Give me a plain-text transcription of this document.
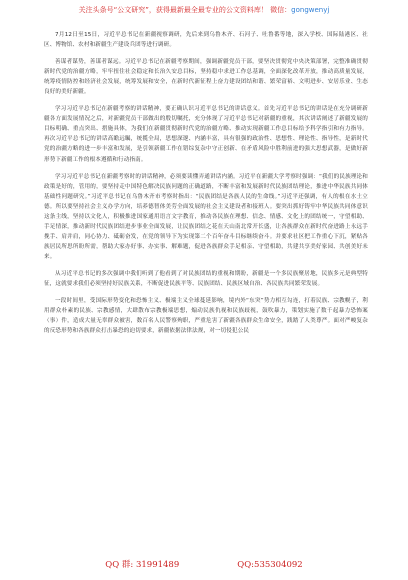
关注头条号“公文研究”，获得最新最全最专业的公文资料库！ 微信：gongwenyj

7月12日至15日，习近平总书记在新疆视察调研，先后来到乌鲁木齐、石河子、吐鲁番等地，深入学校、国际陆港区、社区、博物馆、农村和新疆生产建设兵团等进行调研。

善谋者谋势，善谋者谋远。习近平总书记在新疆考察期间，强调新疆党员干部，要坚决贯彻党中央决策部署，完整准确贯彻新时代党的治疆方略，牢牢扭住社会稳定和长治久安总目标，坚持稳中求进工作总基调，全面深化改革开放，推动高质量发展，统筹疫情防控和经济社会发展，统筹发展和安全，在新时代新征程上奋力建设团结和谐、繁荣富裕、文明进步、安居乐业、生态良好的美好新疆。

学习习近平总书记在新疆考察的讲话精神，要正确认识习近平总书记的讲话意义。首先习近平总书记的讲话是在充分调研新疆各方面发展情况之后，对新疆党员干部做出的殷切嘱托，充分体现了习近平总书记对新疆的重视，其次讲话阐述了新疆发展的目标明确、重点突出、措施具体，为我们在新疆贯彻新时代党的治疆方略、推动实现新疆工作总目标给予科学指引和有力指导。再次习近平总书记的讲话高瞻远瞩，统揽全局，思想深邃、内涵丰富，具有很强的政治性、思想性、理论性、指导性，是新时代党的治疆方略的进一步丰富和发展，是引领新疆工作在错综复杂中守正创新、在矛盾风险中胜利前进的强大思想武器，是做好新形势下新疆工作的根本遵循和行动指南。

学习习近平总书记在新疆考察时的讲话精神，必须要读懂弄通讲话内涵。习近平在新疆大学考察时强调：“我们的民族理论和政策是好的，管用的，要坚持走中国特色解决民族问题的正确道路，不断丰富和发展新时代民族团结理论，推进中华民族共同体基础性问题研究。”习近平总书记在乌鲁木齐市考察时指出：“民族团结是各族人民的生命线。”习近平还强调，有人的根在水土立德。所以要坚持社会主义办学方向，培养德智体美劳全面发展的社会主义建设者和接班人。要突出抓好铸牢中华民族共同体意识这条主线，坚持以文化人，积极推进国家通用语言文字教育，推动各民族在理想、信念、情感、文化上的团结统一，守望相助、手足情深，推动新时代民族团结进步事业全面发展，让民族团结之花在天山南北常开长盛，让各族群众在新时代奋进路上永远手挽手、肩并肩，同心协力、砥砺奋发，在党的领导下为实现第二个百年奋斗目标继续奋斗。并要求社区把工作重心下沉，紧贴各族居民所思所盼所需，帮助大家办好事、办实事、解难题，促进各族群众手足相亲、守望相助，共建共享美好家园、共创美好未来。

从习近平总书记的多次强调中我们听到了他看到了对民族团结的重视和期盼，新疆是一个多民族聚居地，民族多元是典型特征，这就要求我们必须坚持好民族关系，不断促进民族平等、民族团结、民族区域自治、各民族共同繁荣发展。

一段时间里，受国际形势变化和恐怖主义、极端主义全球蔓延影响，境内外“东突”势力相互勾连，打着民族、宗教幌子，利用群众朴素的民族、宗教感情，大肆散布宗教极端思想，煽动民族仇视和民族歧视，鼓吹暴力，策划实施了数千起暴力恐怖案（事）件，造成大量无辜群众被害，数百名人民警察殉职，严重危害了新疆各族群众生命安全，践踏了人类尊严。面对严峻复杂的反恐形势和各族群众打击暴恐的迫切要求，新疆依据法律法规，对一切侵犯公民

QQ 群: 31991489	QQ:535304092
